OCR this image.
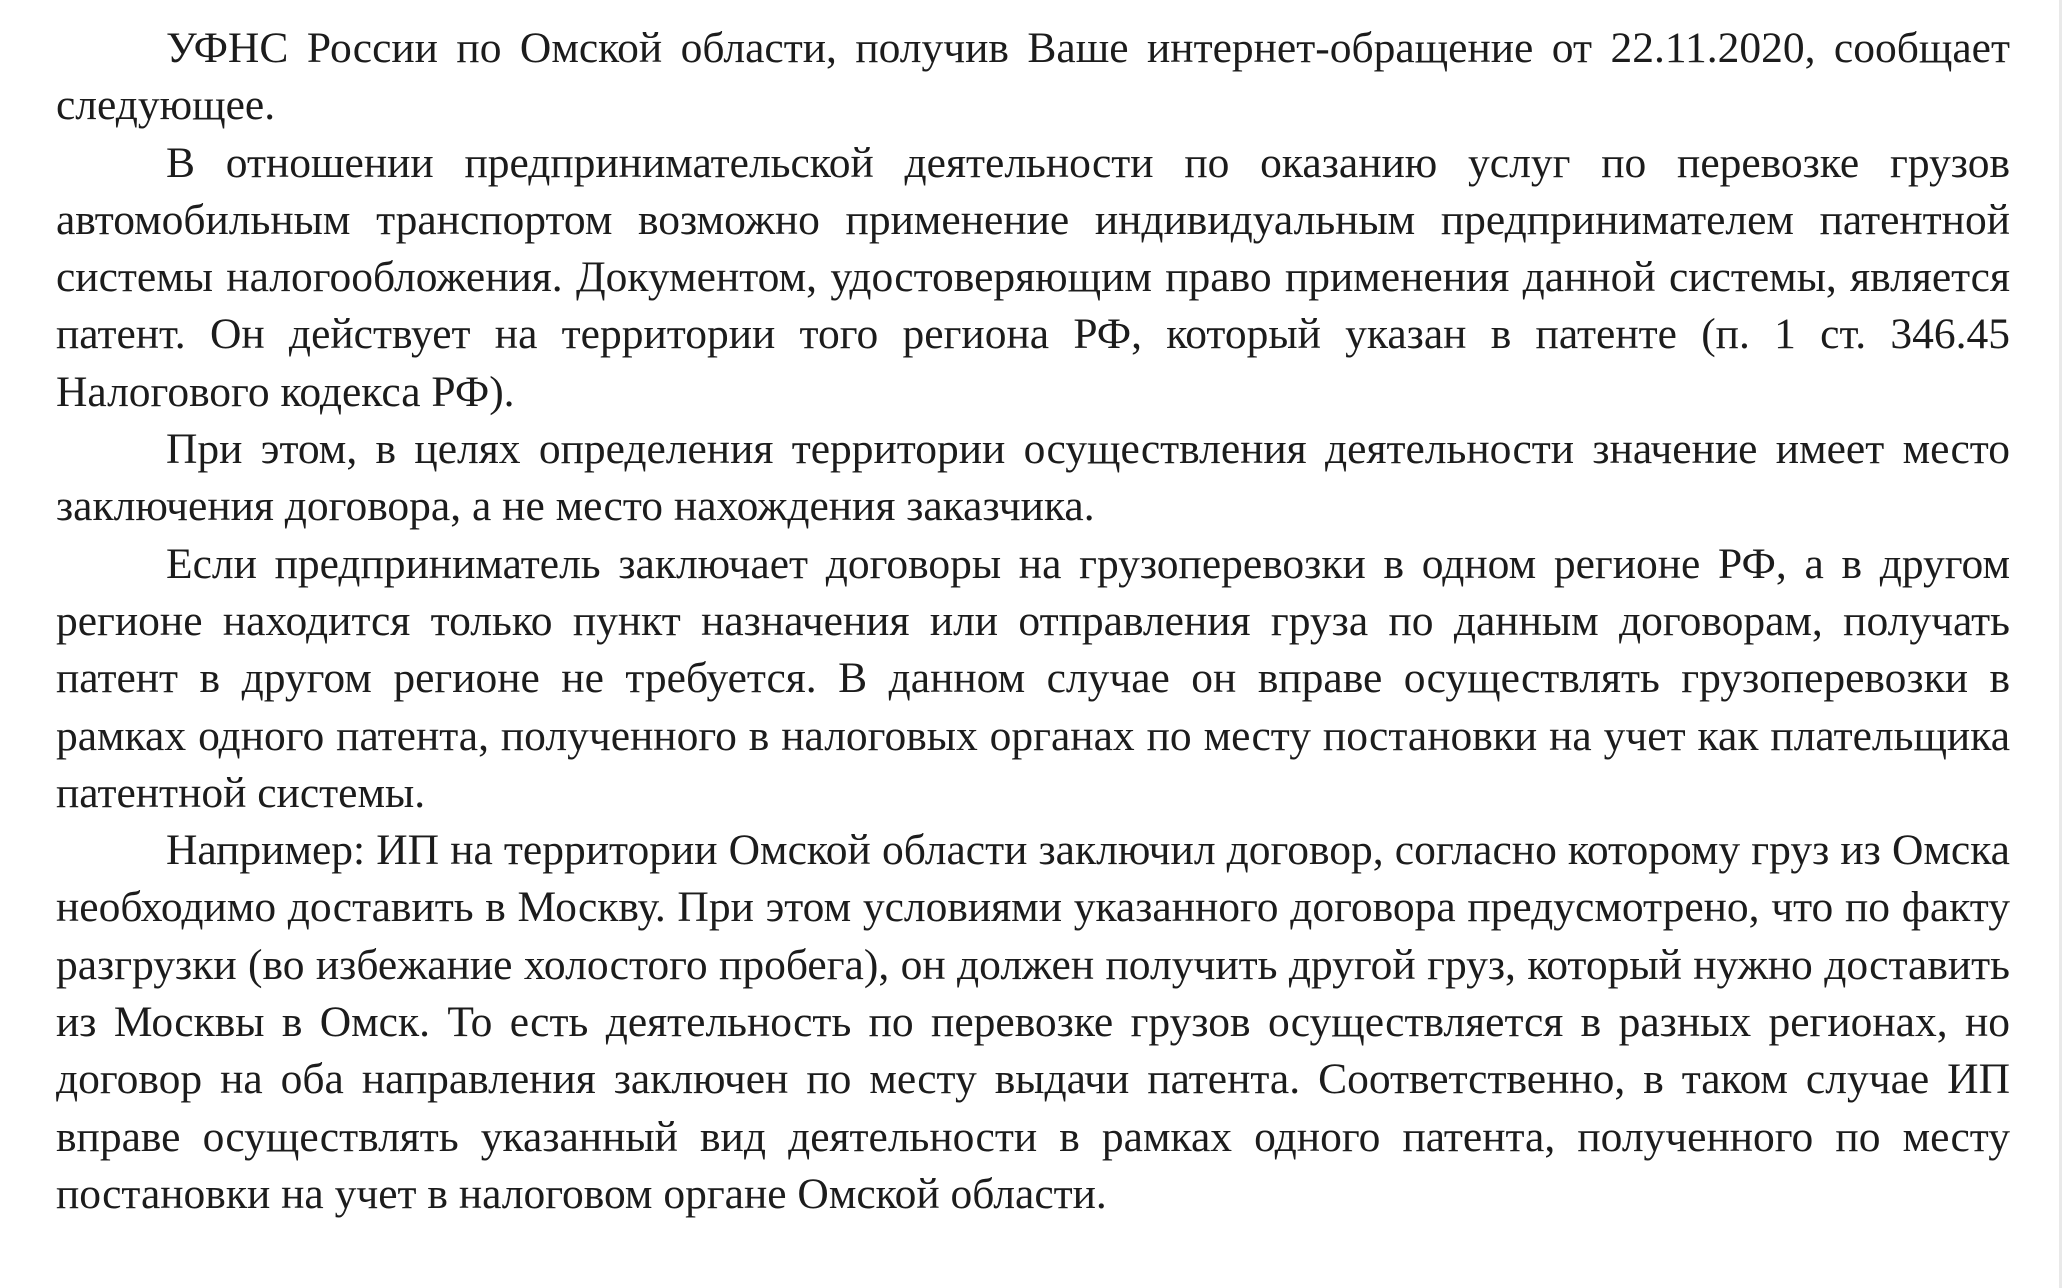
УФНС России по Омской области, получив Ваше интернет-обращение от 22.11.2020, сообщает следующее.

В отношении предпринимательской деятельности по оказанию услуг по перевозке грузов автомобильным транспортом возможно применение индивидуальным предпринимателем патентной системы налогообложения. Документом, удостоверяющим право применения данной системы, является патент. Он действует на территории того региона РФ, который указан в патенте (п. 1 ст. 346.45 Налогового кодекса РФ).

При этом, в целях определения территории осуществления деятельности значение имеет место заключения договора, а не место нахождения заказчика.

Если предприниматель заключает договоры на грузоперевозки в одном регионе РФ, а в другом регионе находится только пункт назначения или отправления груза по данным договорам, получать патент в другом регионе не требуется. В данном случае он вправе осуществлять грузоперевозки в рамках одного патента, полученного в налоговых органах по месту постановки на учет как плательщика патентной системы.

Например: ИП на территории Омской области заключил договор, согласно которому груз из Омска необходимо доставить в Москву. При этом условиями указанного договора предусмотрено, что по факту разгрузки (во избежание холостого пробега), он должен получить другой груз, который нужно доставить из Москвы в Омск. То есть деятельность по перевозке грузов осуществляется в разных регионах, но договор на оба направления заключен по месту выдачи патента. Соответственно, в таком случае ИП вправе осуществлять указанный вид деятельности в рамках одного патента, полученного по месту постановки на учет в налоговом органе Омской области.
